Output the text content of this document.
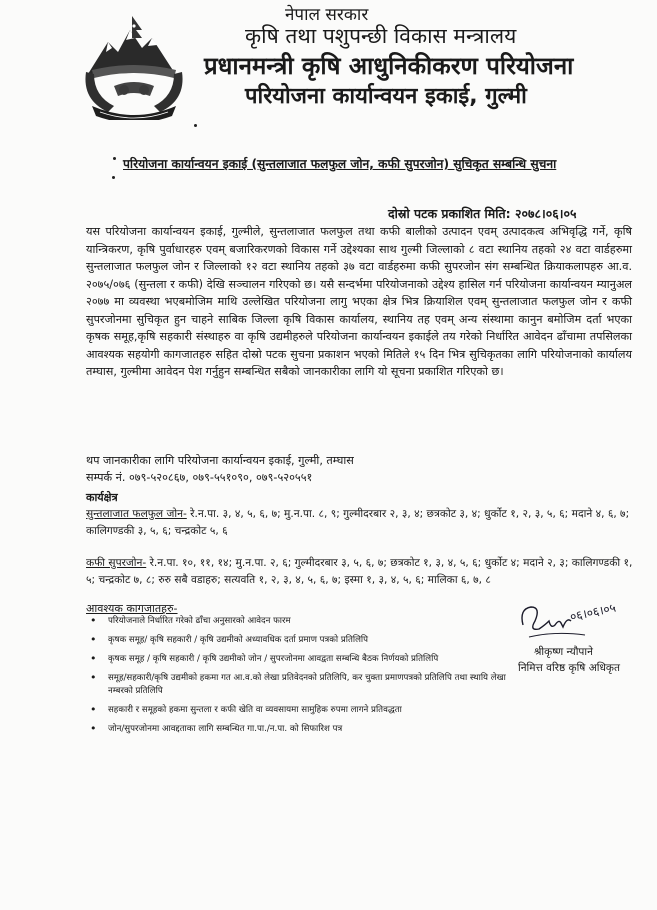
नेपाल सरकार
कृषि तथा पशुपन्छी विकास मन्त्रालय
प्रधानमन्त्री कृषि आधुनिकीकरण परियोजना
परियोजना कार्यान्वयन इकाई, गुल्मी
परियोजना कार्यान्वयन इकाई (सुन्तलाजात फलफुल जोन, कफी सुपरजोन) सुचिकृत सम्बन्धि सुचना
दोस्रो पटक प्रकाशित मिति: २०७८।०६।०५
यस परियोजना कार्यान्वयन इकाई, गुल्मीले, सुन्तलाजात फलफुल तथा कफी बालीको उत्पादन एवम् उत्पादकत्व अभिवृद्धि गर्ने, कृषि यान्त्रिकरण, कृषि पुर्वाधारहरु एवम् बजारिकरणको विकास गर्ने उद्देश्यका साथ गुल्मी जिल्लाको ८ वटा स्थानिय तहको २४ वटा वार्डहरुमा सुन्तलाजात फलफुल जोन र जिल्लाको १२ वटा स्थानिय तहको ३७ वटा वार्डहरुमा कफी सुपरजोन संग सम्बन्धित क्रियाकलापहरु आ.व. २०७५/०७६ (सुन्तला र कफी) देखि सञ्चालन गरिएको छ। यसै सन्दर्भमा परियोजनाको उद्देश्य हासिल गर्न परियोजना कार्यान्वयन म्यानुअल २०७७ मा व्यवस्था भएबमोजिम माथि उल्लेखित परियोजना लागु भएका क्षेत्र भित्र क्रियाशिल एवम् सुन्तलाजात फलफुल जोन र कफी सुपरजोनमा सुचिकृत हुन चाहने साबिक जिल्ला कृषि विकास कार्यालय, स्थानिय तह एवम् अन्य संस्थामा कानुन बमोजिम दर्ता भएका कृषक समूह,कृषि सहकारी संस्थाहरु वा कृषि उद्यमीहरुले परियोजना कार्यान्वयन इकाईले तय गरेको निर्धारित आवेदन ढाँचामा तपसिलका आवश्यक सहयोगी कागजातहरु सहित दोस्रो पटक सुचना प्रकाशन भएको मितिले १५ दिन भित्र सुचिकृतका लागि परियोजनाको कार्यालय तम्घास, गुल्मीमा आवेदन पेश गर्नुहुन सम्बन्धित सबैको जानकारीका लागि यो सूचना प्रकाशित गरिएको छ।
थप जानकारीका लागि परियोजना कार्यान्वयन इकाई, गुल्मी, तम्घास
सम्पर्क नं. ०७९-५२०८६७, ०७९-५५१०९०, ०७९-५२०५५१
कार्यक्षेत्र
सुन्तलाजात फलफुल जोन- रे.न.पा. ३, ४, ५, ६, ७; मु.न.पा. ८, ९; गुल्मीदरबार २, ३, ४; छत्रकोट ३, ४; धुर्कोट १, २, ३, ५, ६; मदाने ४, ६, ७; कालिगण्डकी ३, ५, ६; चन्द्रकोट ५, ६
कफी सुपरजोन- रे.न.पा. १०, ११, १४; मु.न.पा. २, ६; गुल्मीदरबार ३, ५, ६, ७; छत्रकोट १, ३, ४, ५, ६; धुर्कोट ४; मदाने २, ३; कालिगण्डकी १, ५; चन्द्रकोट ७, ८; रुरु सबै वडाहरु; सत्यवति १, २, ३, ४, ५, ६, ७; इस्मा १, ३, ४, ५, ६; मालिका ६, ७, ८
आवश्यक कागजातहरु-
• परियोजनाले निर्धारित गरेको ढाँचा अनुसारको आवेदन फारम
• कृषक समूह/ कृषि सहकारी / कृषि उद्यमीको अध्यावधिक दर्ता प्रमाण पत्रको प्रतिलिपि
• कृषक समूह / कृषि सहकारी / कृषि उद्यमीको जोन / सुपरजोनमा आवद्वता सम्बन्धि बैठक निर्णयको प्रतिलिपि
• समूह/सहकारी/कृषि उद्यमीको हकमा गत आ.व.को लेखा प्रतिवेदनको प्रतिलिपि, कर चुक्ता प्रमाणपत्रको प्रतिलिपि तथा स्थायि लेखा नम्बरको प्रतिलिपि
• सहकारी र समूहको हकमा सुन्तला र कफी खेति वा व्यवसायमा सामुहिक रुपमा लागने प्रतिवद्धता
• जोन/सुपरजोनमा आवद्दताका लागि सम्बन्धित गा.पा./न.पा. को सिफारिश पत्र
०६।०६।०५
श्रीकृष्ण न्यौपाने
निमित्त वरिष्ठ कृषि अधिकृत
